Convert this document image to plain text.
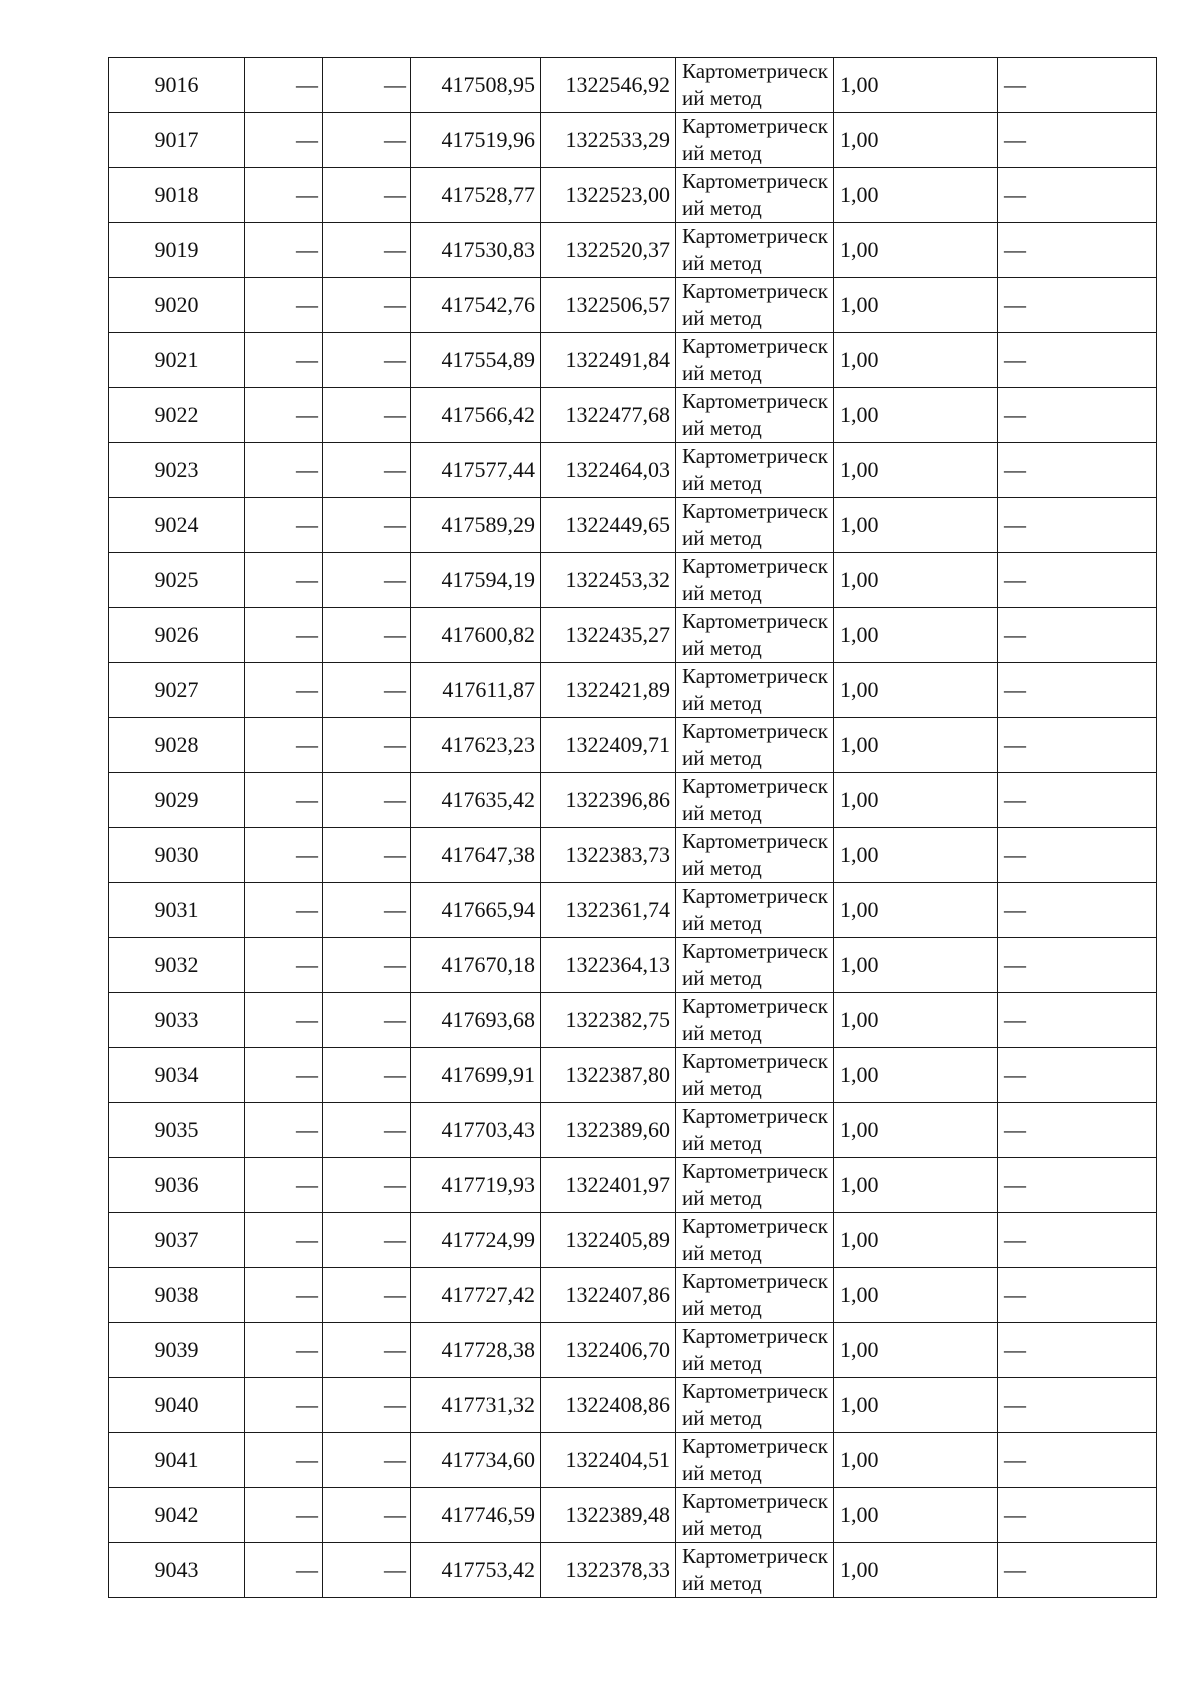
9016	—	—	417508,95	1322546,92	Картометрический метод	1,00	—
9017	—	—	417519,96	1322533,29	Картометрический метод	1,00	—
9018	—	—	417528,77	1322523,00	Картометрический метод	1,00	—
9019	—	—	417530,83	1322520,37	Картометрический метод	1,00	—
9020	—	—	417542,76	1322506,57	Картометрический метод	1,00	—
9021	—	—	417554,89	1322491,84	Картометрический метод	1,00	—
9022	—	—	417566,42	1322477,68	Картометрический метод	1,00	—
9023	—	—	417577,44	1322464,03	Картометрический метод	1,00	—
9024	—	—	417589,29	1322449,65	Картометрический метод	1,00	—
9025	—	—	417594,19	1322453,32	Картометрический метод	1,00	—
9026	—	—	417600,82	1322435,27	Картометрический метод	1,00	—
9027	—	—	417611,87	1322421,89	Картометрический метод	1,00	—
9028	—	—	417623,23	1322409,71	Картометрический метод	1,00	—
9029	—	—	417635,42	1322396,86	Картометрический метод	1,00	—
9030	—	—	417647,38	1322383,73	Картометрический метод	1,00	—
9031	—	—	417665,94	1322361,74	Картометрический метод	1,00	—
9032	—	—	417670,18	1322364,13	Картометрический метод	1,00	—
9033	—	—	417693,68	1322382,75	Картометрический метод	1,00	—
9034	—	—	417699,91	1322387,80	Картометрический метод	1,00	—
9035	—	—	417703,43	1322389,60	Картометрический метод	1,00	—
9036	—	—	417719,93	1322401,97	Картометрический метод	1,00	—
9037	—	—	417724,99	1322405,89	Картометрический метод	1,00	—
9038	—	—	417727,42	1322407,86	Картометрический метод	1,00	—
9039	—	—	417728,38	1322406,70	Картометрический метод	1,00	—
9040	—	—	417731,32	1322408,86	Картометрический метод	1,00	—
9041	—	—	417734,60	1322404,51	Картометрический метод	1,00	—
9042	—	—	417746,59	1322389,48	Картометрический метод	1,00	—
9043	—	—	417753,42	1322378,33	Картометрический метод	1,00	—
